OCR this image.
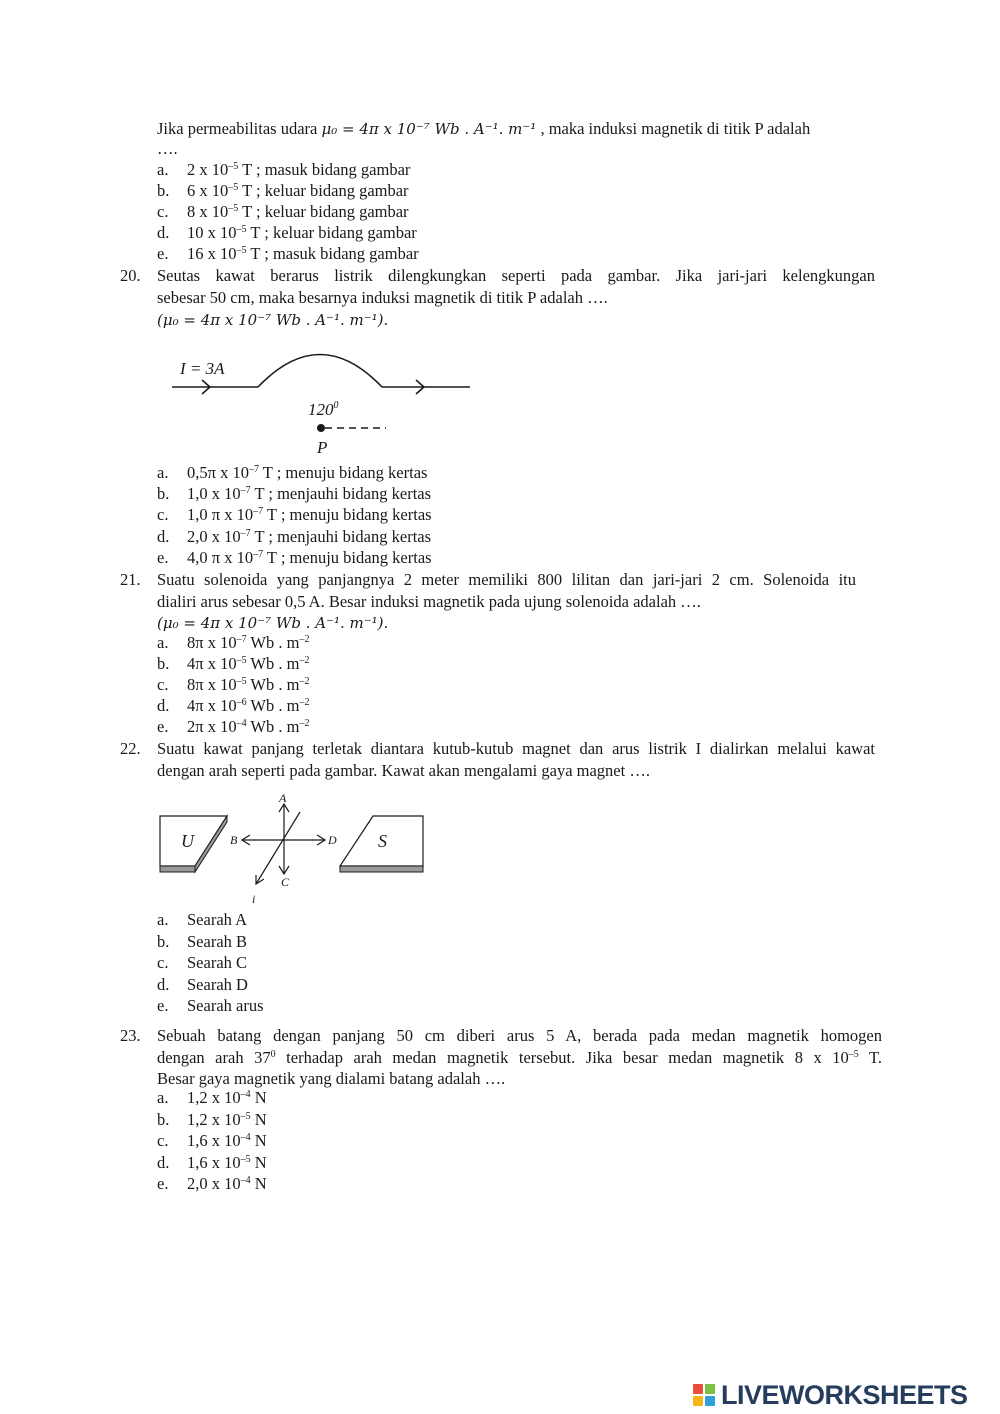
Jika permeabilitas udara μ₀ = 4π x 10⁻⁷ Wb . A⁻¹. m⁻¹ , maka induksi magnetik di titik P adalah
….
a. 2 x $10^{-5}$ T ; masuk bidang gambar
b. 6 x $10^{-5}$ T ; keluar bidang gambar
c. 8 x $10^{-5}$ T ; keluar bidang gambar
d. 10 x $10^{-5}$ T ; keluar bidang gambar
e. 16 x $10^{-5}$ T ; masuk bidang gambar
20. Seutas kawat berarus listrik dilengkungkan seperti pada gambar. Jika jari-jari kelengkungan
sebesar 50 cm, maka besarnya induksi magnetik di titik P adalah ….
(μ₀ = 4π x 10⁻⁷ Wb . A⁻¹. m⁻¹).
I = 3A
$120^0$
P
a. 0,5π x $10^{-7}$ T ; menuju bidang kertas
b. 1,0 x $10^{-7}$ T ; menjauhi bidang kertas
c. 1,0 π x $10^{-7}$ T ; menuju bidang kertas
d. 2,0 x $10^{-7}$ T ; menjauhi bidang kertas
e. 4,0 π x $10^{-7}$ T ; menuju bidang kertas
21. Suatu solenoida yang panjangnya 2 meter memiliki 800 lilitan dan jari-jari 2 cm. Solenoida itu
dialiri arus sebesar 0,5 A. Besar induksi magnetik pada ujung solenoida adalah ….
(μ₀ = 4π x 10⁻⁷ Wb . A⁻¹. m⁻¹).
a. 8π x $10^{-7}$ Wb . $m^{-2}$
b. 4π x $10^{-5}$ Wb . $m^{-2}$
c. 8π x $10^{-5}$ Wb . $m^{-2}$
d. 4π x $10^{-6}$ Wb . $m^{-2}$
e. 2π x $10^{-4}$ Wb . $m^{-2}$
22. Suatu kawat panjang terletak diantara kutub-kutub magnet dan arus listrik I dialirkan melalui kawat
dengan arah seperti pada gambar. Kawat akan mengalami gaya magnet ….
U	S
A
B
C
D
i
a. Searah A
b. Searah B
c. Searah C
d. Searah D
e. Searah arus
23. Sebuah batang dengan panjang 50 cm diberi arus 5 A, berada pada medan magnetik homogen
dengan arah $37^0$ terhadap arah medan magnetik tersebut. Jika besar medan magnetik 8 x $10^{-5}$ T.
Besar gaya magnetik yang dialami batang adalah ….
a. 1,2 x $10^{-4}$ N
b. 1,2 x $10^{-5}$ N
c. 1,6 x $10^{-4}$ N
d. 1,6 x $10^{-5}$ N
e. 2,0 x $10^{-4}$ N
LIVEWORKSHEETS
